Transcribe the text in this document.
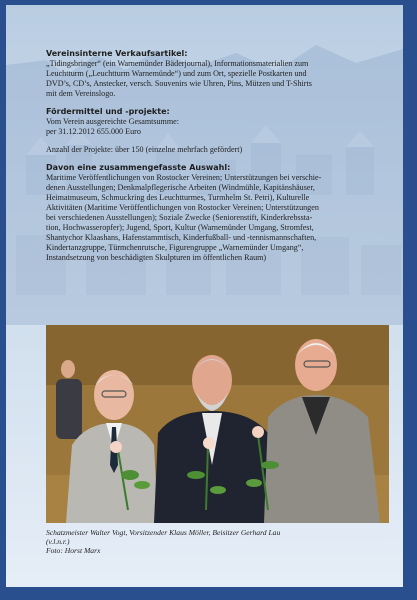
Vereinsinterne Verkaufsartikel:

„Tidingsbringer“ (ein Warnemünder Bäderjournal), Informationsmaterialien zum

Leuchtturm („Leuchtturm Warnemünde“) und zum Ort, spezielle Postkarten und

DVD’s, CD’s, Anstecker, versch. Souvenirs wie Uhren, Pins, Mützen und T-Shirts

mit dem Vereinslogo.

Fördermittel und -projekte:

Vom Verein ausgereichte Gesamtsumme:

per 31.12.2012 655.000 Euro

Anzahl der Projekte: über 150 (einzelne mehrfach gefördert)

Davon eine zusammengefasste Auswahl:

Maritime Veröffentlichungen von Rostocker Vereinen; Unterstützungen bei verschie-

denen Ausstellungen; Denkmalpflegerische Arbeiten (Windmühle, Kapitänshäuser,

Heimatmuseum, Schmuckring des Leuchtturmes, Turmhelm St. Petri), Kulturelle

Aktivitäten (Maritime Veröffentlichungen von Rostocker Vereinen; Unterstützungen

bei verschiedenen Ausstellungen); Soziale Zwecke (Seniorenstift, Kinderkrebssta-

tion, Hochwasseropfer); Jugend, Sport, Kultur (Warnemünder Umgang, Stromfest,

Shantychor Klaashans, Hafenstammtisch, Kinderfußball- und -tennismannschaften,

Kindertanzgruppe, Türmchenrutsche, Figurengruppe „Warnemünder Umgang“,

Instandsetzung von beschädigten Skulpturen im öffentlichen Raum)

Schatzmeister Walter Vogt, Vorsitzender Klaus Möller, Beisitzer Gerhard Lau

(v.l.n.r.)

Foto: Horst Marx
